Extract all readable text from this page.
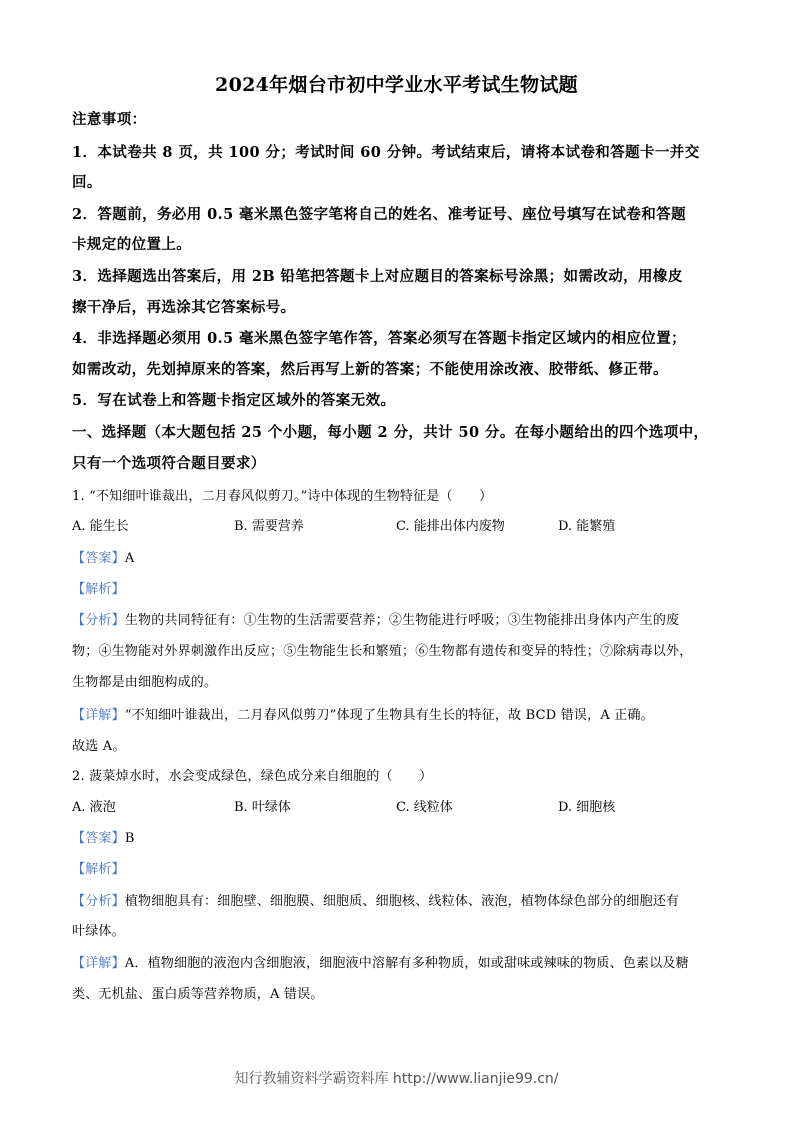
2024年烟台市初中学业水平考试生物试题
注意事项：
1．本试卷共 8 页，共 100 分；考试时间 60 分钟。考试结束后，请将本试卷和答题卡一并交
回。
2．答题前，务必用 0.5 毫米黑色签字笔将自己的姓名、准考证号、座位号填写在试卷和答题
卡规定的位置上。
3．选择题选出答案后，用 2B 铅笔把答题卡上对应题目的答案标号涂黑；如需改动，用橡皮
擦干净后，再选涂其它答案标号。
4．非选择题必须用 0.5 毫米黑色签字笔作答，答案必须写在答题卡指定区域内的相应位置；
如需改动，先划掉原来的答案，然后再写上新的答案；不能使用涂改液、胶带纸、修正带。
5．写在试卷上和答题卡指定区域外的答案无效。
一、选择题（本大题包括 25 个小题，每小题 2 分，共计 50 分。在每小题给出的四个选项中，
只有一个选项符合题目要求）
1. “不知细叶谁裁出，二月春风似剪刀。”诗中体现的生物特征是（　　）
A. 能生长	B. 需要营养	C. 能排出体内废物	D. 能繁殖
【答案】A
【解析】
【分析】生物的共同特征有：①生物的生活需要营养；②生物能进行呼吸；③生物能排出身体内产生的废
物；④生物能对外界刺激作出反应；⑤生物能生长和繁殖；⑥生物都有遗传和变异的特性；⑦除病毒以外，
生物都是由细胞构成的。
【详解】“不知细叶谁裁出，二月春风似剪刀”体现了生物具有生长的特征，故 BCD 错误，A 正确。
故选 A。
2. 菠菜焯水时，水会变成绿色，绿色成分来自细胞的（　　）
A. 液泡	B. 叶绿体	C. 线粒体	D. 细胞核
【答案】B
【解析】
【分析】植物细胞具有：细胞壁、细胞膜、细胞质、细胞核、线粒体、液泡，植物体绿色部分的细胞还有
叶绿体。
【详解】A．植物细胞的液泡内含细胞液，细胞液中溶解有多种物质，如或甜味或辣味的物质、色素以及糖
类、无机盐、蛋白质等营养物质，A 错误。
知行教辅资料学霸资料库 http://www.lianjie99.cn/
